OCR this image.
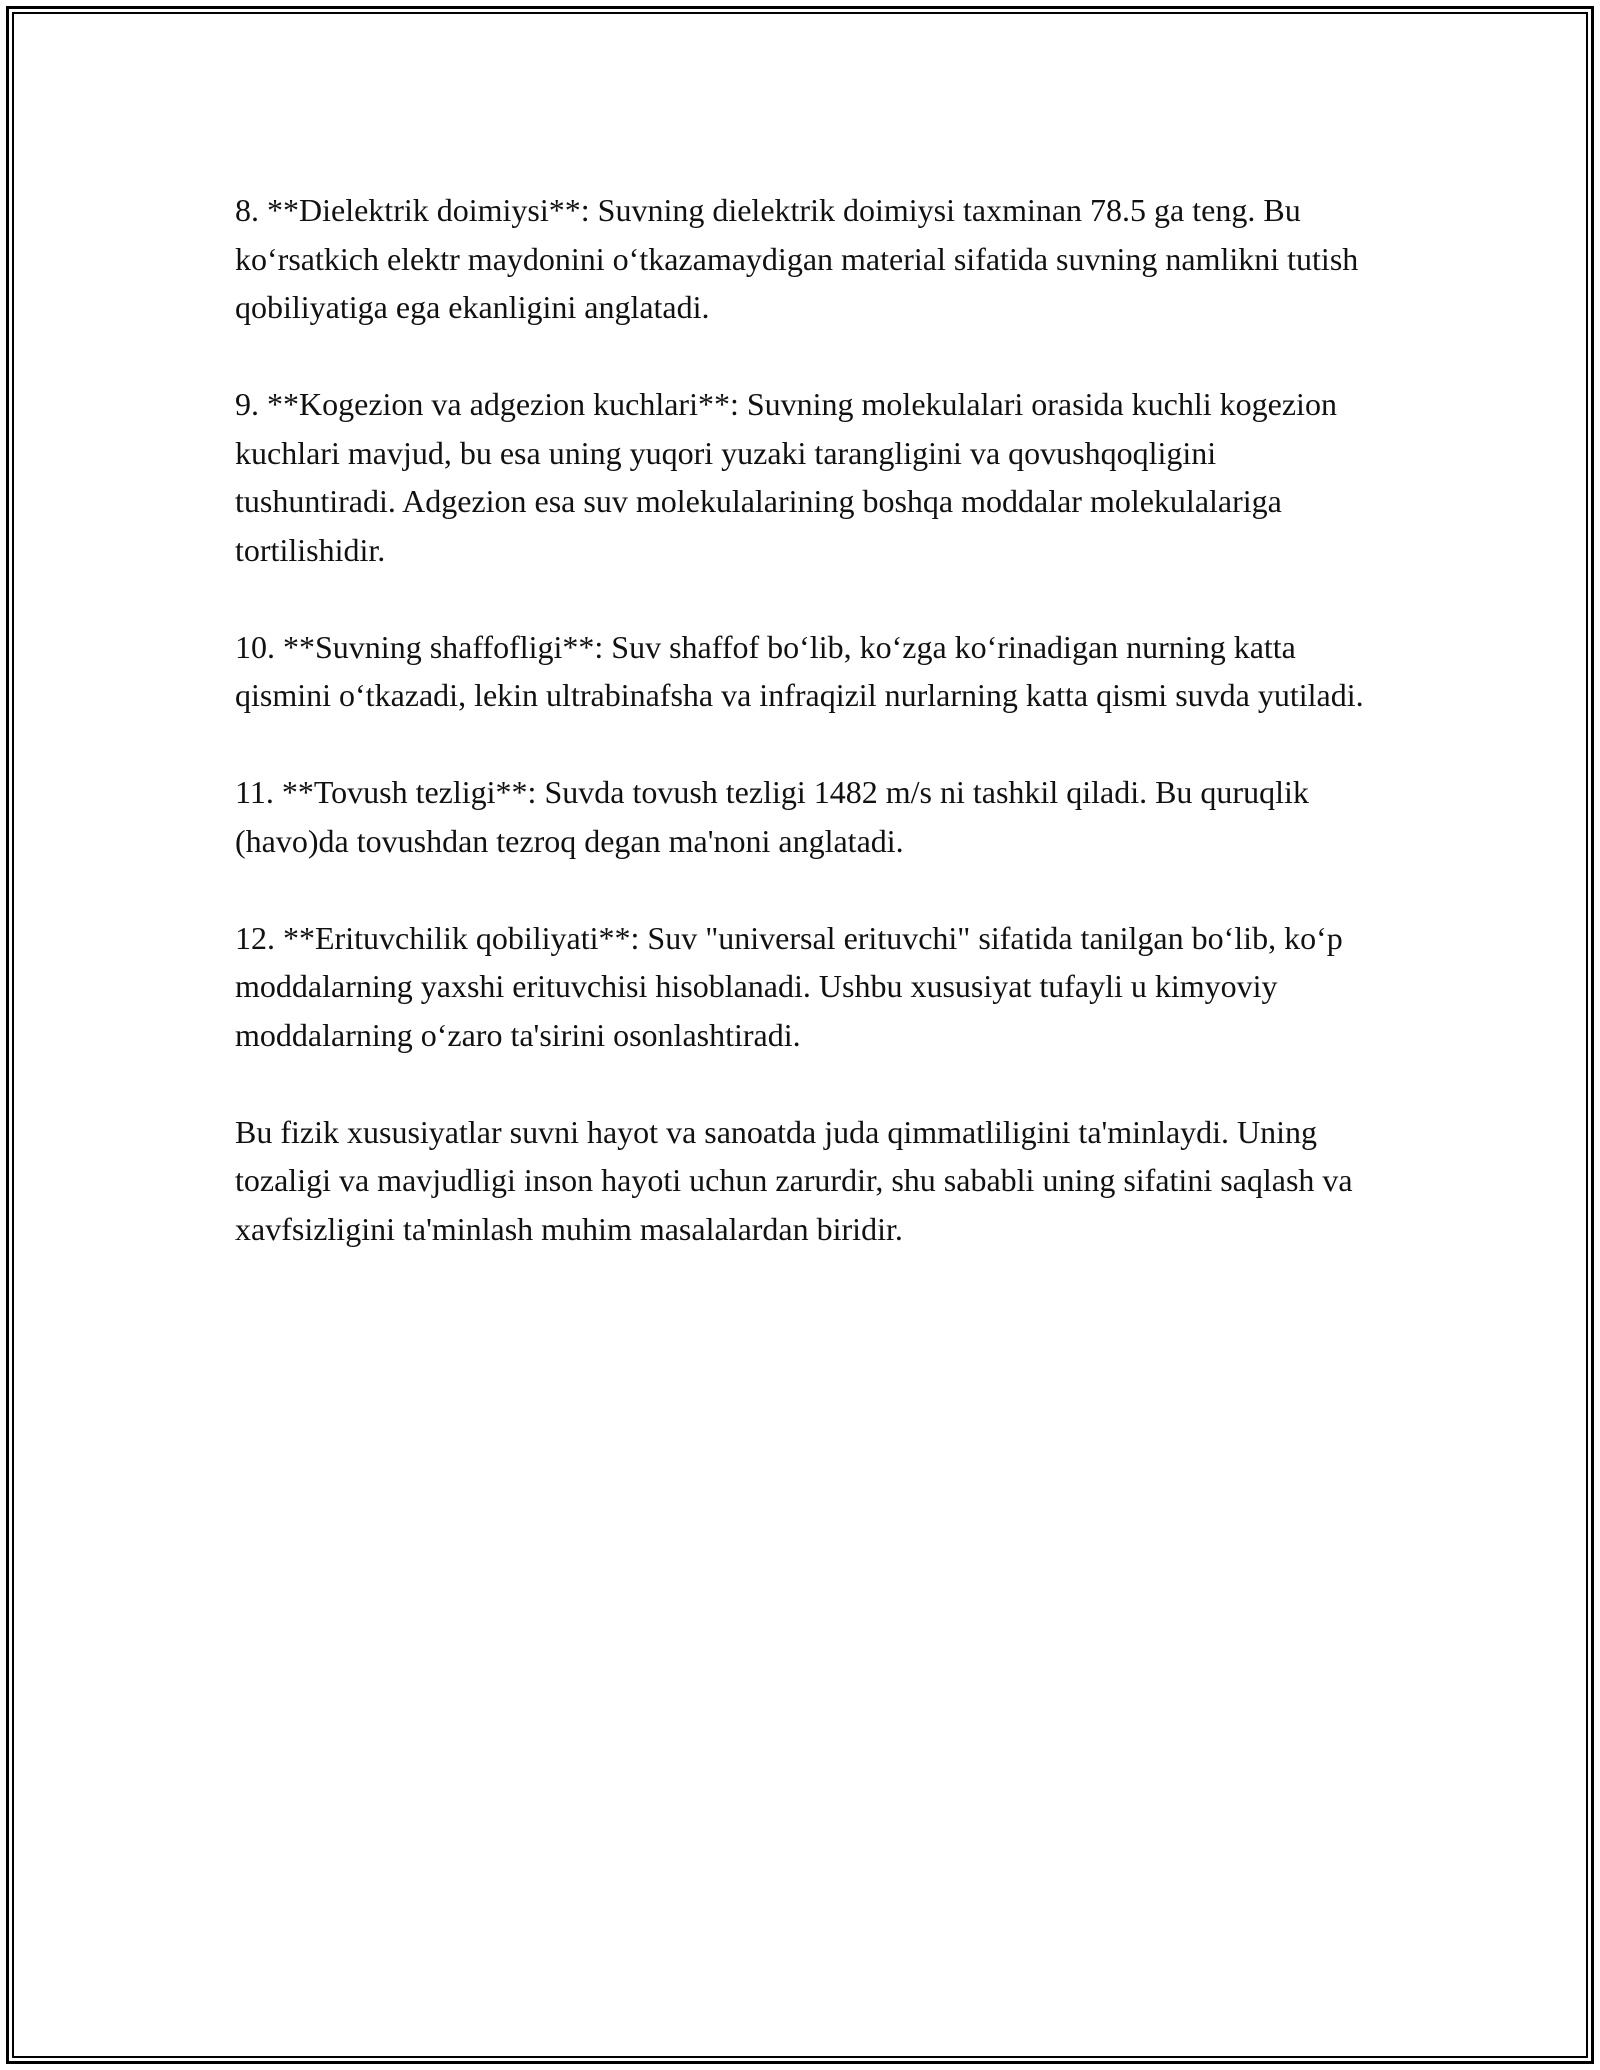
8. **Dielektrik doimiysi**: Suvning dielektrik doimiysi taxminan 78.5 ga teng. Bu ko‘rsatkich elektr maydonini o‘tkazamaydigan material sifatida suvning namlikni tutish qobiliyatiga ega ekanligini anglatadi.

9. **Kogezion va adgezion kuchlari**: Suvning molekulalari orasida kuchli kogezion kuchlari mavjud, bu esa uning yuqori yuzaki tarangligini va qovushqoqligini tushuntiradi. Adgezion esa suv molekulalarining boshqa moddalar molekulalariga tortilishidir.

10. **Suvning shaffofligi**: Suv shaffof bo‘lib, ko‘zga ko‘rinadigan nurning katta qismini o‘tkazadi, lekin ultrabinafsha va infraqizil nurlarning katta qismi suvda yutiladi.

11. **Tovush tezligi**: Suvda tovush tezligi 1482 m/s ni tashkil qiladi. Bu quruqlik (havo)da tovushdan tezroq degan ma'noni anglatadi.

12. **Erituvchilik qobiliyati**: Suv "universal erituvchi" sifatida tanilgan bo‘lib, ko‘p moddalarning yaxshi erituvchisi hisoblanadi. Ushbu xususiyat tufayli u kimyoviy moddalarning o‘zaro ta'sirini osonlashtiradi.

Bu fizik xususiyatlar suvni hayot va sanoatda juda qimmatliligini ta'minlaydi. Uning tozaligi va mavjudligi inson hayoti uchun zarurdir, shu sababli uning sifatini saqlash va xavfsizligini ta'minlash muhim masalalardan biridir.
